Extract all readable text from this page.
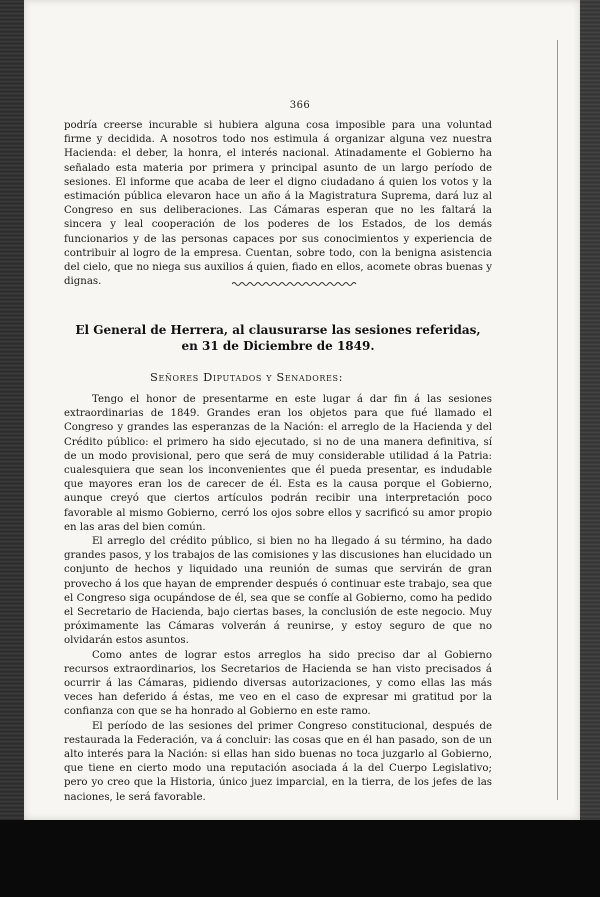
366

podría creerse incurable si hubiera alguna cosa imposible para una voluntad firme y decidida. A nosotros todo nos estimula á organizar alguna vez nuestra Hacienda: el deber, la honra, el interés nacional. Atinadamente el Gobierno ha señalado esta materia por primera y principal asunto de un largo período de sesiones. El informe que acaba de leer el digno ciudadano á quien los votos y la estimación pública elevaron hace un año á la Magistratura Suprema, dará luz al Congreso en sus deliberaciones. Las Cámaras esperan que no les faltará la sincera y leal cooperación de los poderes de los Estados, de los demás funcionarios y de las personas capaces por sus conocimientos y experiencia de contribuir al logro de la empresa. Cuentan, sobre todo, con la benigna asistencia del cielo, que no niega sus auxilios á quien, fiado en ellos, acomete obras buenas y dignas.

El General de Herrera, al clausurarse las sesiones referidas,
en 31 de Diciembre de 1849.
Señores Diputados y Senadores:

Tengo el honor de presentarme en este lugar á dar fin á las sesiones extraordinarias de 1849. Grandes eran los objetos para que fué llamado el Congreso y grandes las esperanzas de la Nación: el arreglo de la Hacienda y del Crédito público: el primero ha sido ejecutado, si no de una manera definitiva, sí de un modo provisional, pero que será de muy considerable utilidad á la Patria: cualesquiera que sean los inconvenientes que él pueda presentar, es indudable que mayores eran los de carecer de él. Esta es la causa porque el Gobierno, aunque creyó que ciertos artículos podrán recibir una interpretación poco favorable al mismo Gobierno, cerró los ojos sobre ellos y sacrificó su amor propio en las aras del bien común.

El arreglo del crédito público, si bien no ha llegado á su término, ha dado grandes pasos, y los trabajos de las comisiones y las discusiones han elucidado un conjunto de hechos y liquidado una reunión de sumas que servirán de gran provecho á los que hayan de emprender después ó continuar este trabajo, sea que el Congreso siga ocupándose de él, sea que se confíe al Gobierno, como ha pedido el Secretario de Hacienda, bajo ciertas bases, la conclusión de este negocio. Muy próximamente las Cámaras volverán á reunirse, y estoy seguro de que no olvidarán estos asuntos.

Como antes de lograr estos arreglos ha sido preciso dar al Gobierno recursos extraordinarios, los Secretarios de Hacienda se han visto precisados á ocurrir á las Cámaras, pidiendo diversas autorizaciones, y como ellas las más veces han deferido á éstas, me veo en el caso de expresar mi gratitud por la confianza con que se ha honrado al Gobierno en este ramo.

El período de las sesiones del primer Congreso constitucional, después de restaurada la Federación, va á concluir: las cosas que en él han pasado, son de un alto interés para la Nación: si ellas han sido buenas no toca juzgarlo al Gobierno, que tiene en cierto modo una reputación asociada á la del Cuerpo Legislativo; pero yo creo que la Historia, único juez imparcial, en la tierra, de los jefes de las naciones, le será favorable.
